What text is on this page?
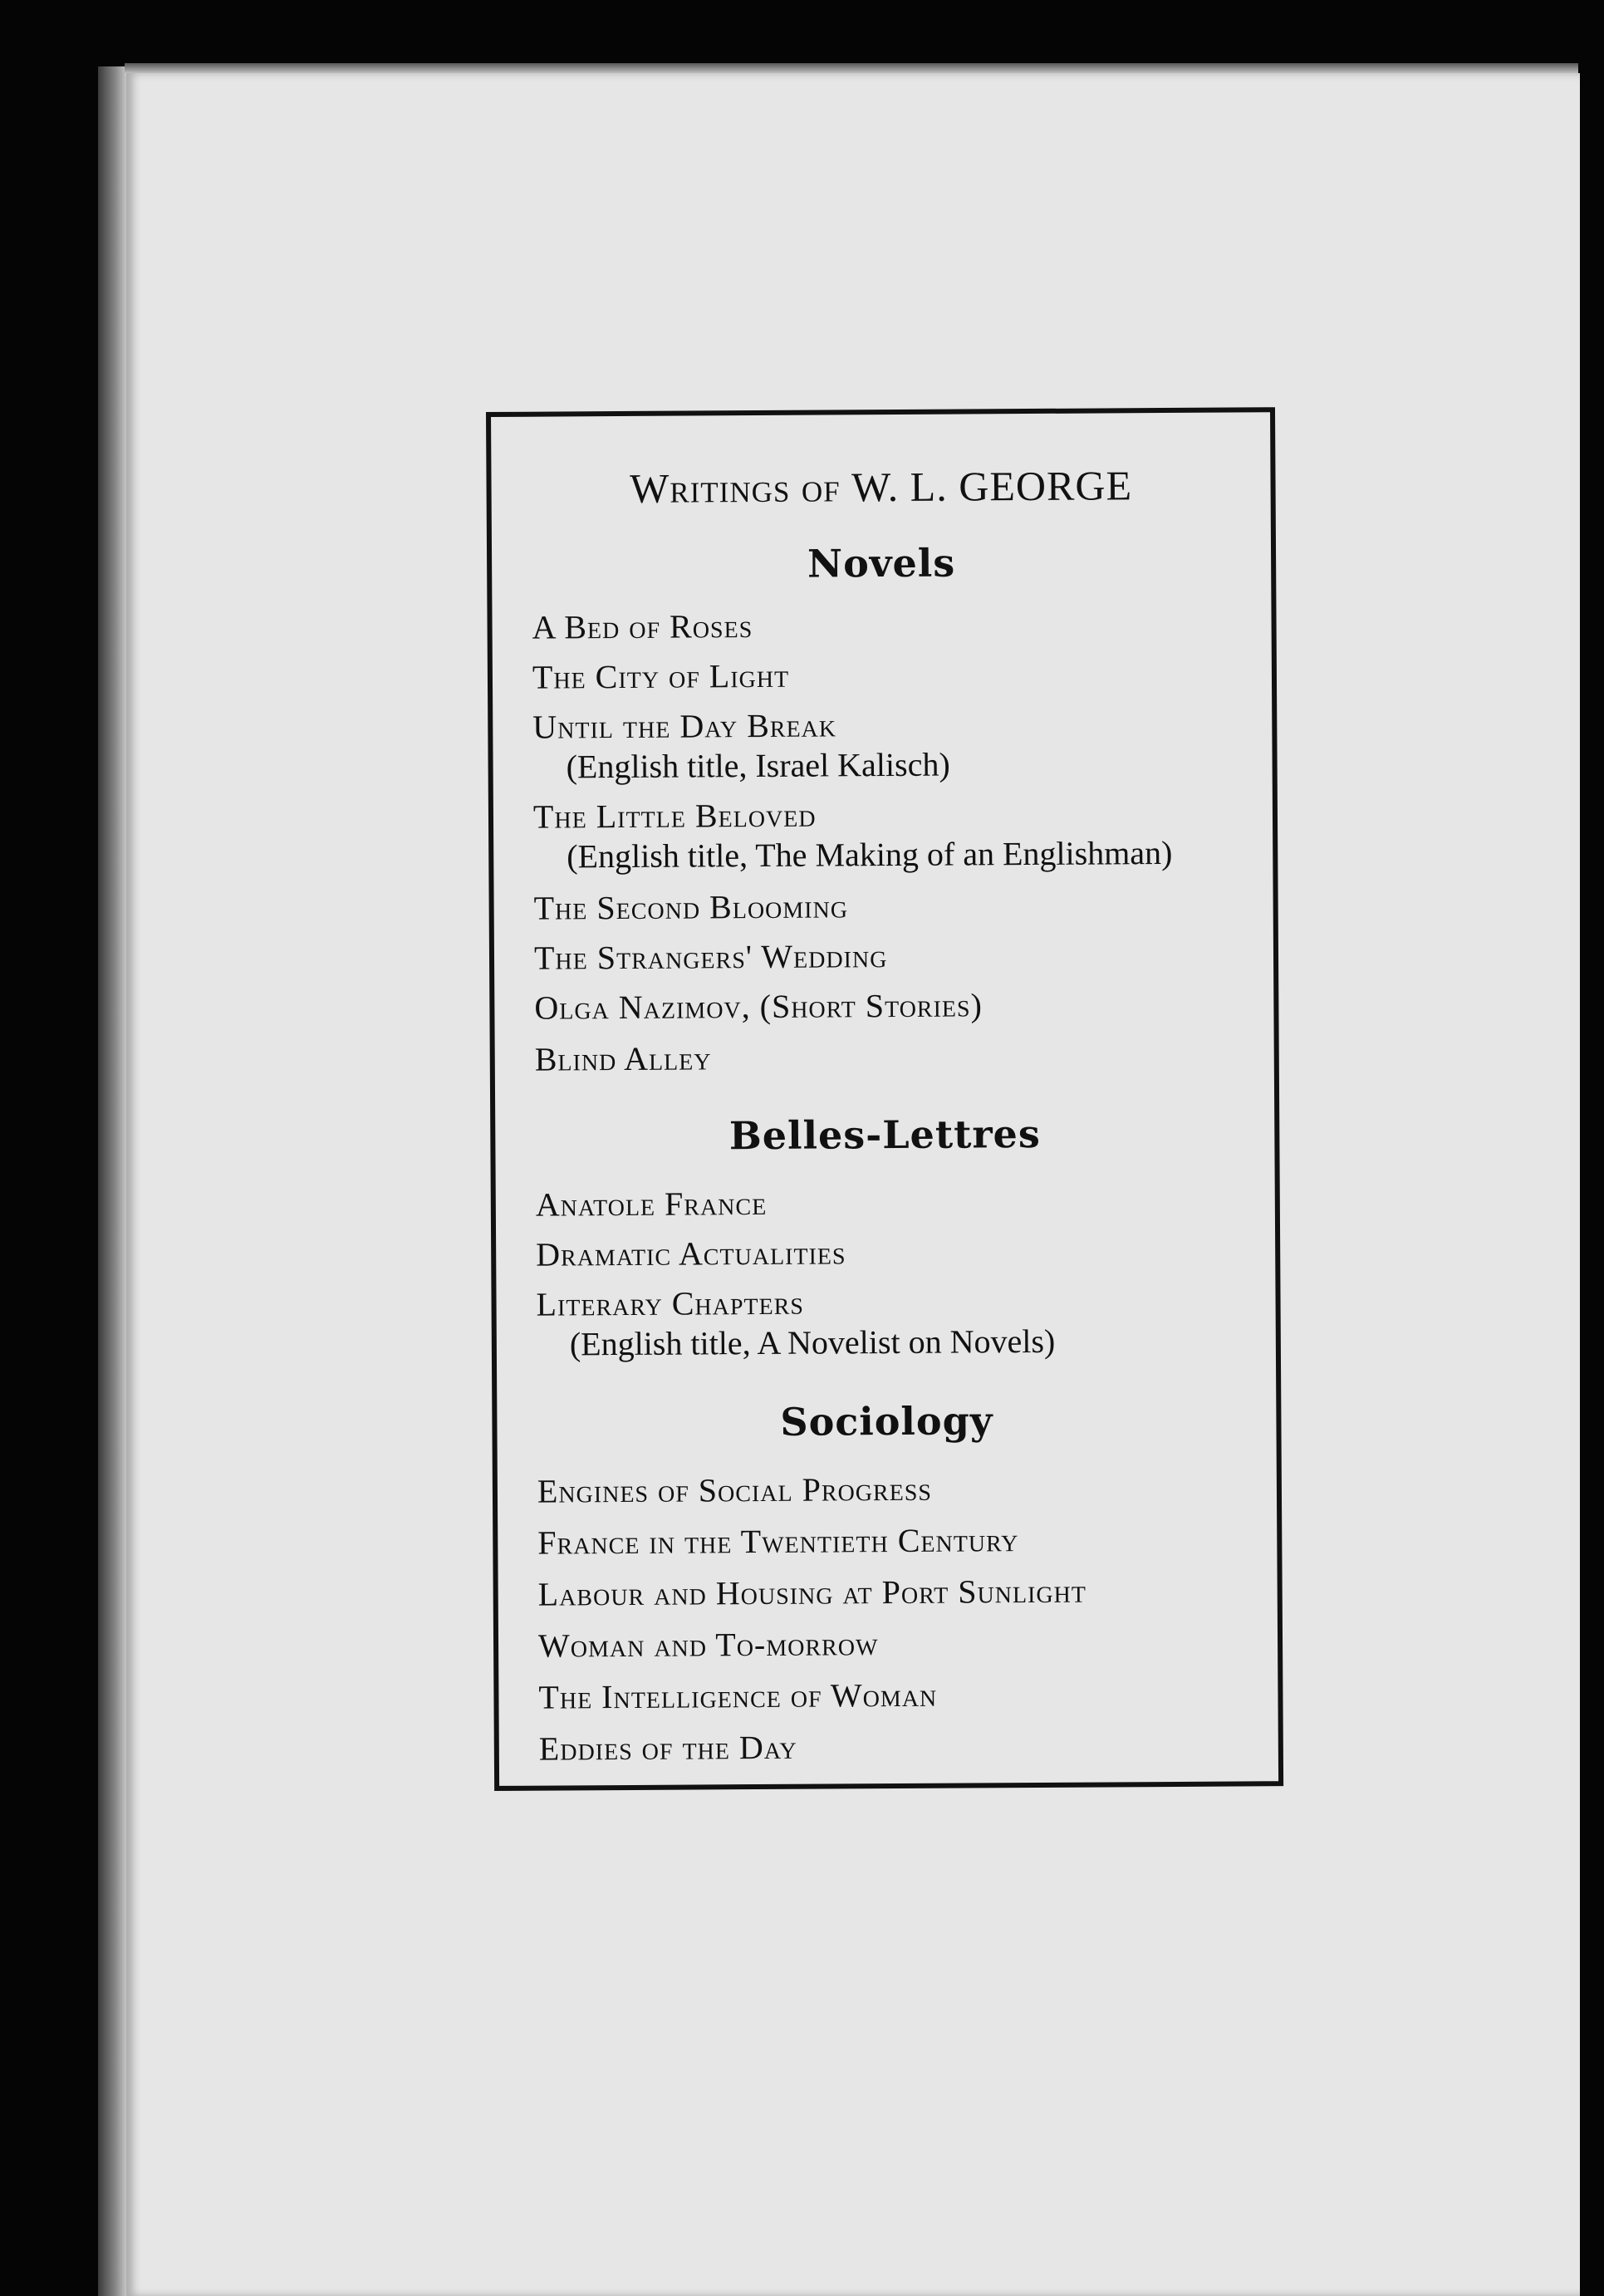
Writings of W. L. GEORGE
Novels
A Bed of Roses
The City of Light
Until the Day Break
(English title, Israel Kalisch)
The Little Beloved
(English title, The Making of an Englishman)
The Second Blooming
The Strangers' Wedding
Olga Nazimov, (Short Stories)
Blind Alley
Belles-Lettres
Anatole France
Dramatic Actualities
Literary Chapters
(English title, A Novelist on Novels)
Sociology
Engines of Social Progress
France in the Twentieth Century
Labour and Housing at Port Sunlight
Woman and To-morrow
The Intelligence of Woman
Eddies of the Day
